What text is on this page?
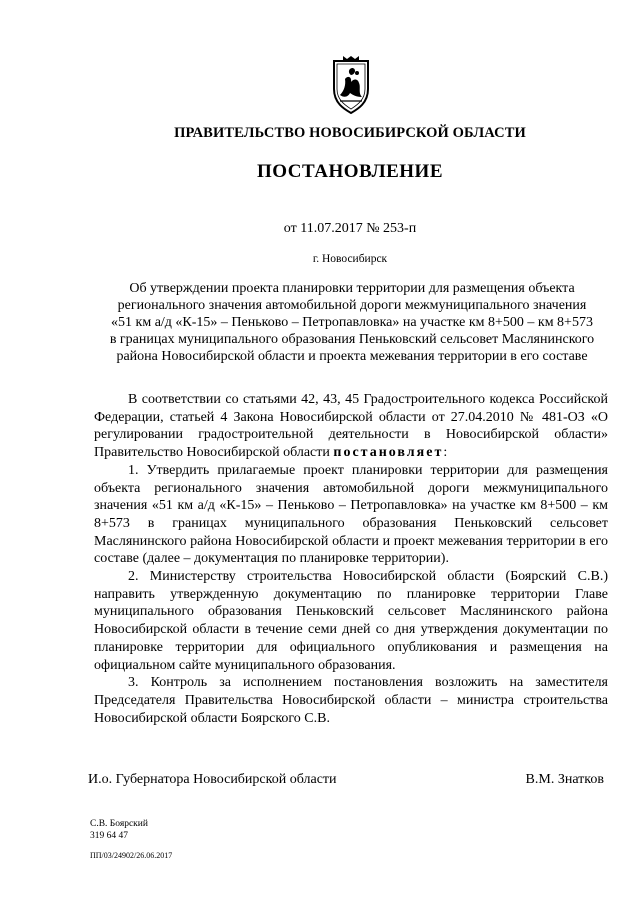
ПРАВИТЕЛЬСТВО НОВОСИБИРСКОЙ ОБЛАСТИ
ПОСТАНОВЛЕНИЕ
от 11.07.2017 № 253-п
г. Новосибирск
Об утверждении проекта планировки территории для размещения объекта
регионального значения автомобильной дороги межмуниципального значения
«51 км а/д «К-15» – Пеньково – Петропавловка» на участке км 8+500 – км 8+573
в границах муниципального образования Пеньковский сельсовет Маслянинского
района Новосибирской области и проекта межевания территории в его составе

В соответствии со статьями 42, 43, 45 Градостроительного кодекса Российской Федерации, статьей 4 Закона Новосибирской области от 27.04.2010 № 481-ОЗ «О регулировании градостроительной деятельности в Новосибирской области» Правительство Новосибирской области постановляет:

1. Утвердить прилагаемые проект планировки территории для размещения объекта регионального значения автомобильной дороги межмуниципального значения «51 км а/д «К-15» – Пеньково – Петропавловка» на участке км 8+500 – км 8+573 в границах муниципального образования Пеньковский сельсовет Маслянинского района Новосибирской области и проект межевания территории в его составе (далее – документация по планировке территории).

2. Министерству строительства Новосибирской области (Боярский С.В.) направить утвержденную документацию по планировке территории Главе муниципального образования Пеньковский сельсовет Маслянинского района Новосибирской области в течение семи дней со дня утверждения документации по планировке территории для официального опубликования и размещения на официальном сайте муниципального образования.

3. Контроль за исполнением постановления возложить на заместителя Председателя Правительства Новосибирской области – министра строительства Новосибирской области Боярского С.В.

И.о. Губернатора Новосибирской области	В.М. Знатков
С.В. Боярский
319 64 47
ПП/03/24902/26.06.2017
